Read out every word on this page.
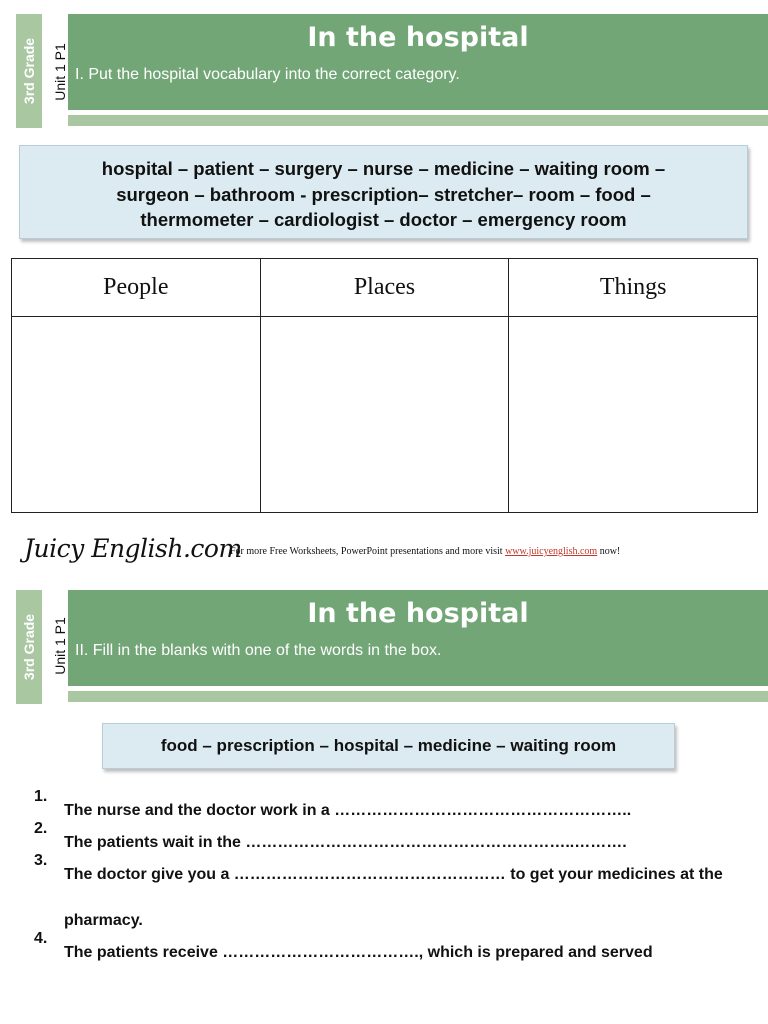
3rd Grade Unit 1 P1
In the hospital
I. Put the hospital vocabulary into the correct category.
hospital – patient – surgery – nurse – medicine – waiting room –
surgeon – bathroom - prescription– stretcher– room – food –
thermometer – cardiologist – doctor – emergency room
People	Places	Things

Juicy English.com
For more Free Worksheets, PowerPoint presentations and more visit www.juicyenglish.com now!
3rd Grade Unit 1 P1
In the hospital
II. Fill in the blanks with one of the words in the box.
food – prescription – hospital – medicine – waiting room
1.
The nurse and the doctor work in a ………………………………………………..
2.
The patients wait in the ……………………………………………………..……….
3.
The doctor give you a …………………………………………… to get your medicines at the pharmacy.
4.
The patients receive ………………………………., which is prepared and served
